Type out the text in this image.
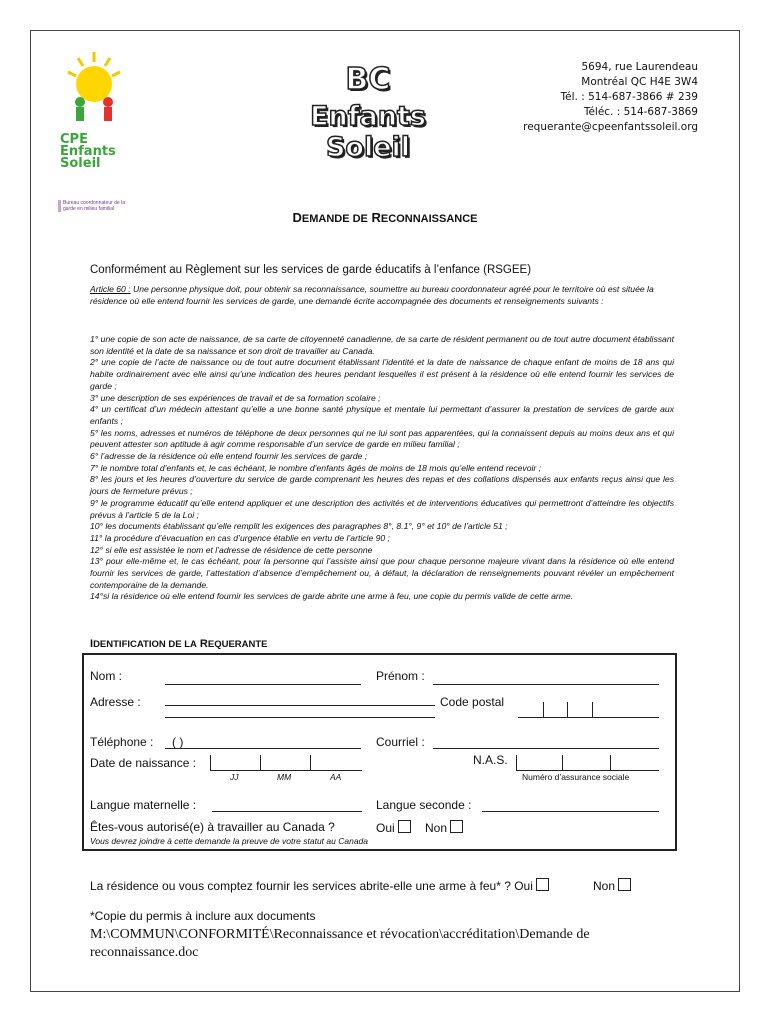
CPE
Enfants
Soleil
Bureau coordonnateur de la garde en milieu familial
BC
Enfants Soleil
5694, rue Laurendeau
Montréal QC H4E 3W4
Tél. : 514-687-3866 # 239
Téléc. : 514-687-3869
requerante@cpeenfantssoleil.org
DEMANDE DE RECONNAISSANCE
Conformément au Règlement sur les services de garde éducatifs à l’enfance (RSGEE)
Article 60 : Une personne physique doit, pour obtenir sa reconnaissance, soumettre au bureau coordonnateur agréé pour le territoire où est située la résidence où elle entend fournir les services de garde, une demande écrite accompagnée des documents et renseignements suivants :

1° une copie de son acte de naissance, de sa carte de citoyenneté canadienne, de sa carte de résident permanent ou de tout autre document établissant son identité et la date de sa naissance et son droit de travailler au Canada.

2° une copie de l’acte de naissance ou de tout autre document établissant l’identité et la date de naissance de chaque enfant de moins de 18 ans qui habite ordinairement avec elle ainsi qu’une indication des heures pendant lesquelles il est présent à la résidence où elle entend fournir les services de garde ;

3° une description de ses expériences de travail et de sa formation scolaire ;

4° un certificat d’un médecin attestant qu’elle a une bonne santé physique et mentale lui permettant d’assurer la prestation de services de garde aux enfants ;

5° les noms, adresses et numéros de téléphone de deux personnes qui ne lui sont pas apparentées, qui la connaissent depuis au moins deux ans et qui peuvent attester son aptitude à agir comme responsable d’un service de garde en milieu familial ;

6° l’adresse de la résidence où elle entend fournir les services de garde ;

7° le nombre total d’enfants et, le cas échéant, le nombre d’enfants âgés de moins de 18 mois qu’elle entend recevoir ;

8° les jours et les heures d’ouverture du service de garde comprenant les heures des repas et des collations dispensés aux enfants reçus ainsi que les jours de fermeture prévus ;

9° le programme éducatif qu’elle entend appliquer et une description des activités et de interventions éducatives qui permettront d’atteindre les objectifs prévus à l’article 5 de la Loi ;

10° les documents établissant qu’elle remplit les exigences des paragraphes 8°, 8.1°, 9° et 10° de l’article 51 ;

11° la procédure d’évacuation en cas d’urgence établie en vertu de l’article 90 ;

12° si elle est assistée le nom et l’adresse de résidence de cette personne

13° pour elle-même et, le cas échéant, pour la personne qui l’assiste ainsi que pour chaque personne majeure vivant dans la résidence où elle entend fournir les services de garde, l’attestation d’absence d’empêchement ou, à défaut, la déclaration de renseignements pouvant révéler un empêchement contemporaine de la demande.

14°si la résidence où elle entend fournir les services de garde abrite une arme à feu, une copie du permis valide de cette arme.

IDENTIFICATION DE LA REQUERANTE
Nom :	Prénom :
Adresse :	Code postal
Téléphone : ( )	Courriel :
Date de naissance :
JJ	MM	AA
N.A.S.
Numéro d’assurance sociale
Langue maternelle :	Langue seconde :
Êtes-vous autorisé(e) à travailler au Canada ?	Oui	Non
Vous devrez joindre à cette demande la preuve de votre statut au Canada
La résidence ou vous comptez fournir les services abrite-elle une arme à feu* ? Oui	Non
*Copie du permis à inclure aux documents
M:\COMMUN\CONFORMITÉ\Reconnaissance et révocation\accréditation\Demande de reconnaissance.doc
